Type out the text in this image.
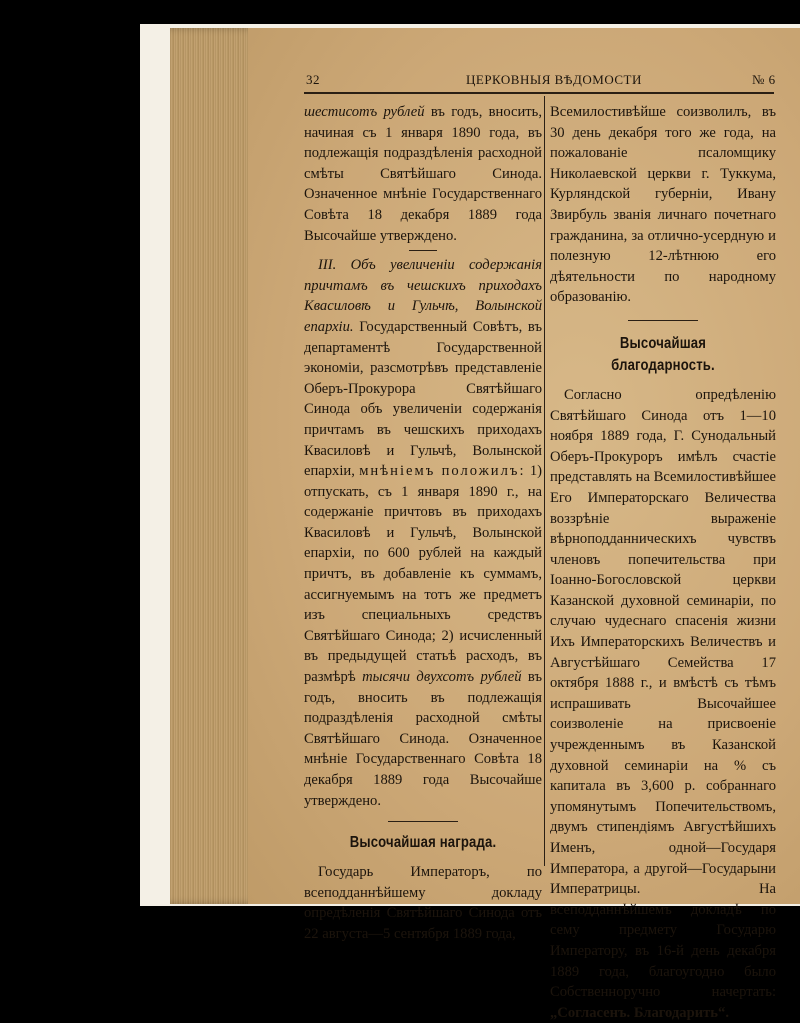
32	ЦЕРКОВНЫЯ ВѢДОМОСТИ	№ 6

шестисотъ рублей въ годъ, вносить, начиная съ 1 января 1890 года, въ подлежащія подраздѣленія расходной смѣты Святѣйшаго Синода. Означенное мнѣніе Государственнаго Совѣта 18 декабря 1889 года Высочайше утверждено.

III. Объ увеличеніи содержанія причтамъ въ чешскихъ приходахъ Квасиловѣ и Гульчѣ, Волынской епархіи. Государственный Совѣтъ, въ департаментѣ Государственной экономіи, разсмотрѣвъ представленіе Оберъ-Прокурора Святѣйшаго Синода объ увеличеніи содержанія причтамъ въ чешскихъ приходахъ Квасиловѣ и Гульчѣ, Волынской епархіи, мнѣніемъ положилъ: 1) отпускать, съ 1 января 1890 г., на содержаніе причтовъ въ приходахъ Квасиловѣ и Гульчѣ, Волынской епархіи, по 600 рублей на каждый причтъ, въ добавленіе къ суммамъ, ассигнуемымъ на тотъ же предметъ изъ специальныхъ средствъ Святѣйшаго Синода; 2) исчисленный въ предыдущей статьѣ расходъ, въ размѣрѣ тысячи двухсотъ рублей въ годъ, вносить въ подлежащія подраздѣленія расходной смѣты Святѣйшаго Синода. Означенное мнѣніе Государственнаго Совѣта 18 декабря 1889 года Высочайше утверждено.

Высочайшая награда.

Государь Императоръ, по всеподданнѣйшему докладу опредѣленія Святѣйшаго Синода отъ 22 августа—5 сентября 1889 года,

Всемилостивѣйше соизволилъ, въ 30 день декабря того же года, на пожалованіе псаломщику Николаевской церкви г. Туккума, Курляндской губерніи, Ивану Звирбуль званія личнаго почетнаго гражданина, за отлично-усердную и полезную 12-лѣтнюю его дѣятельности по народному образованію.

Высочайшая благодарность.

Согласно опредѣленію Святѣйшаго Синода отъ 1—10 ноября 1889 года, Г. Сунодальный Оберъ-Прокуроръ имѣлъ счастіе представлять на Всемилостивѣйшее Его Императорскаго Величества воззрѣніе выраженіе вѣрноподданническихъ чувствъ членовъ попечительства при Іоанно-Богословской церкви Казанской духовной семинаріи, по случаю чудеснаго спасенія жизни Ихъ Императорскихъ Величествъ и Августѣйшаго Семейства 17 октября 1888 г., и вмѣстѣ съ тѣмъ испрашивать Высочайшее соизволеніе на присвоеніе учрежденнымъ въ Казанской духовной семинаріи на % съ капитала въ 3,600 р. собраннаго упомянутымъ Попечительствомъ, двумъ стипендіямъ Августѣйшихъ Именъ, одной—Государя Императора, а другой—Государыни Императрицы. На всеподданнѣйшемъ докладѣ по сему предмету Государю Императору, въ 16-й день декабря 1889 года, благоугодно было Собственноручно начертать: „Согласенъ. Благодарить“.
